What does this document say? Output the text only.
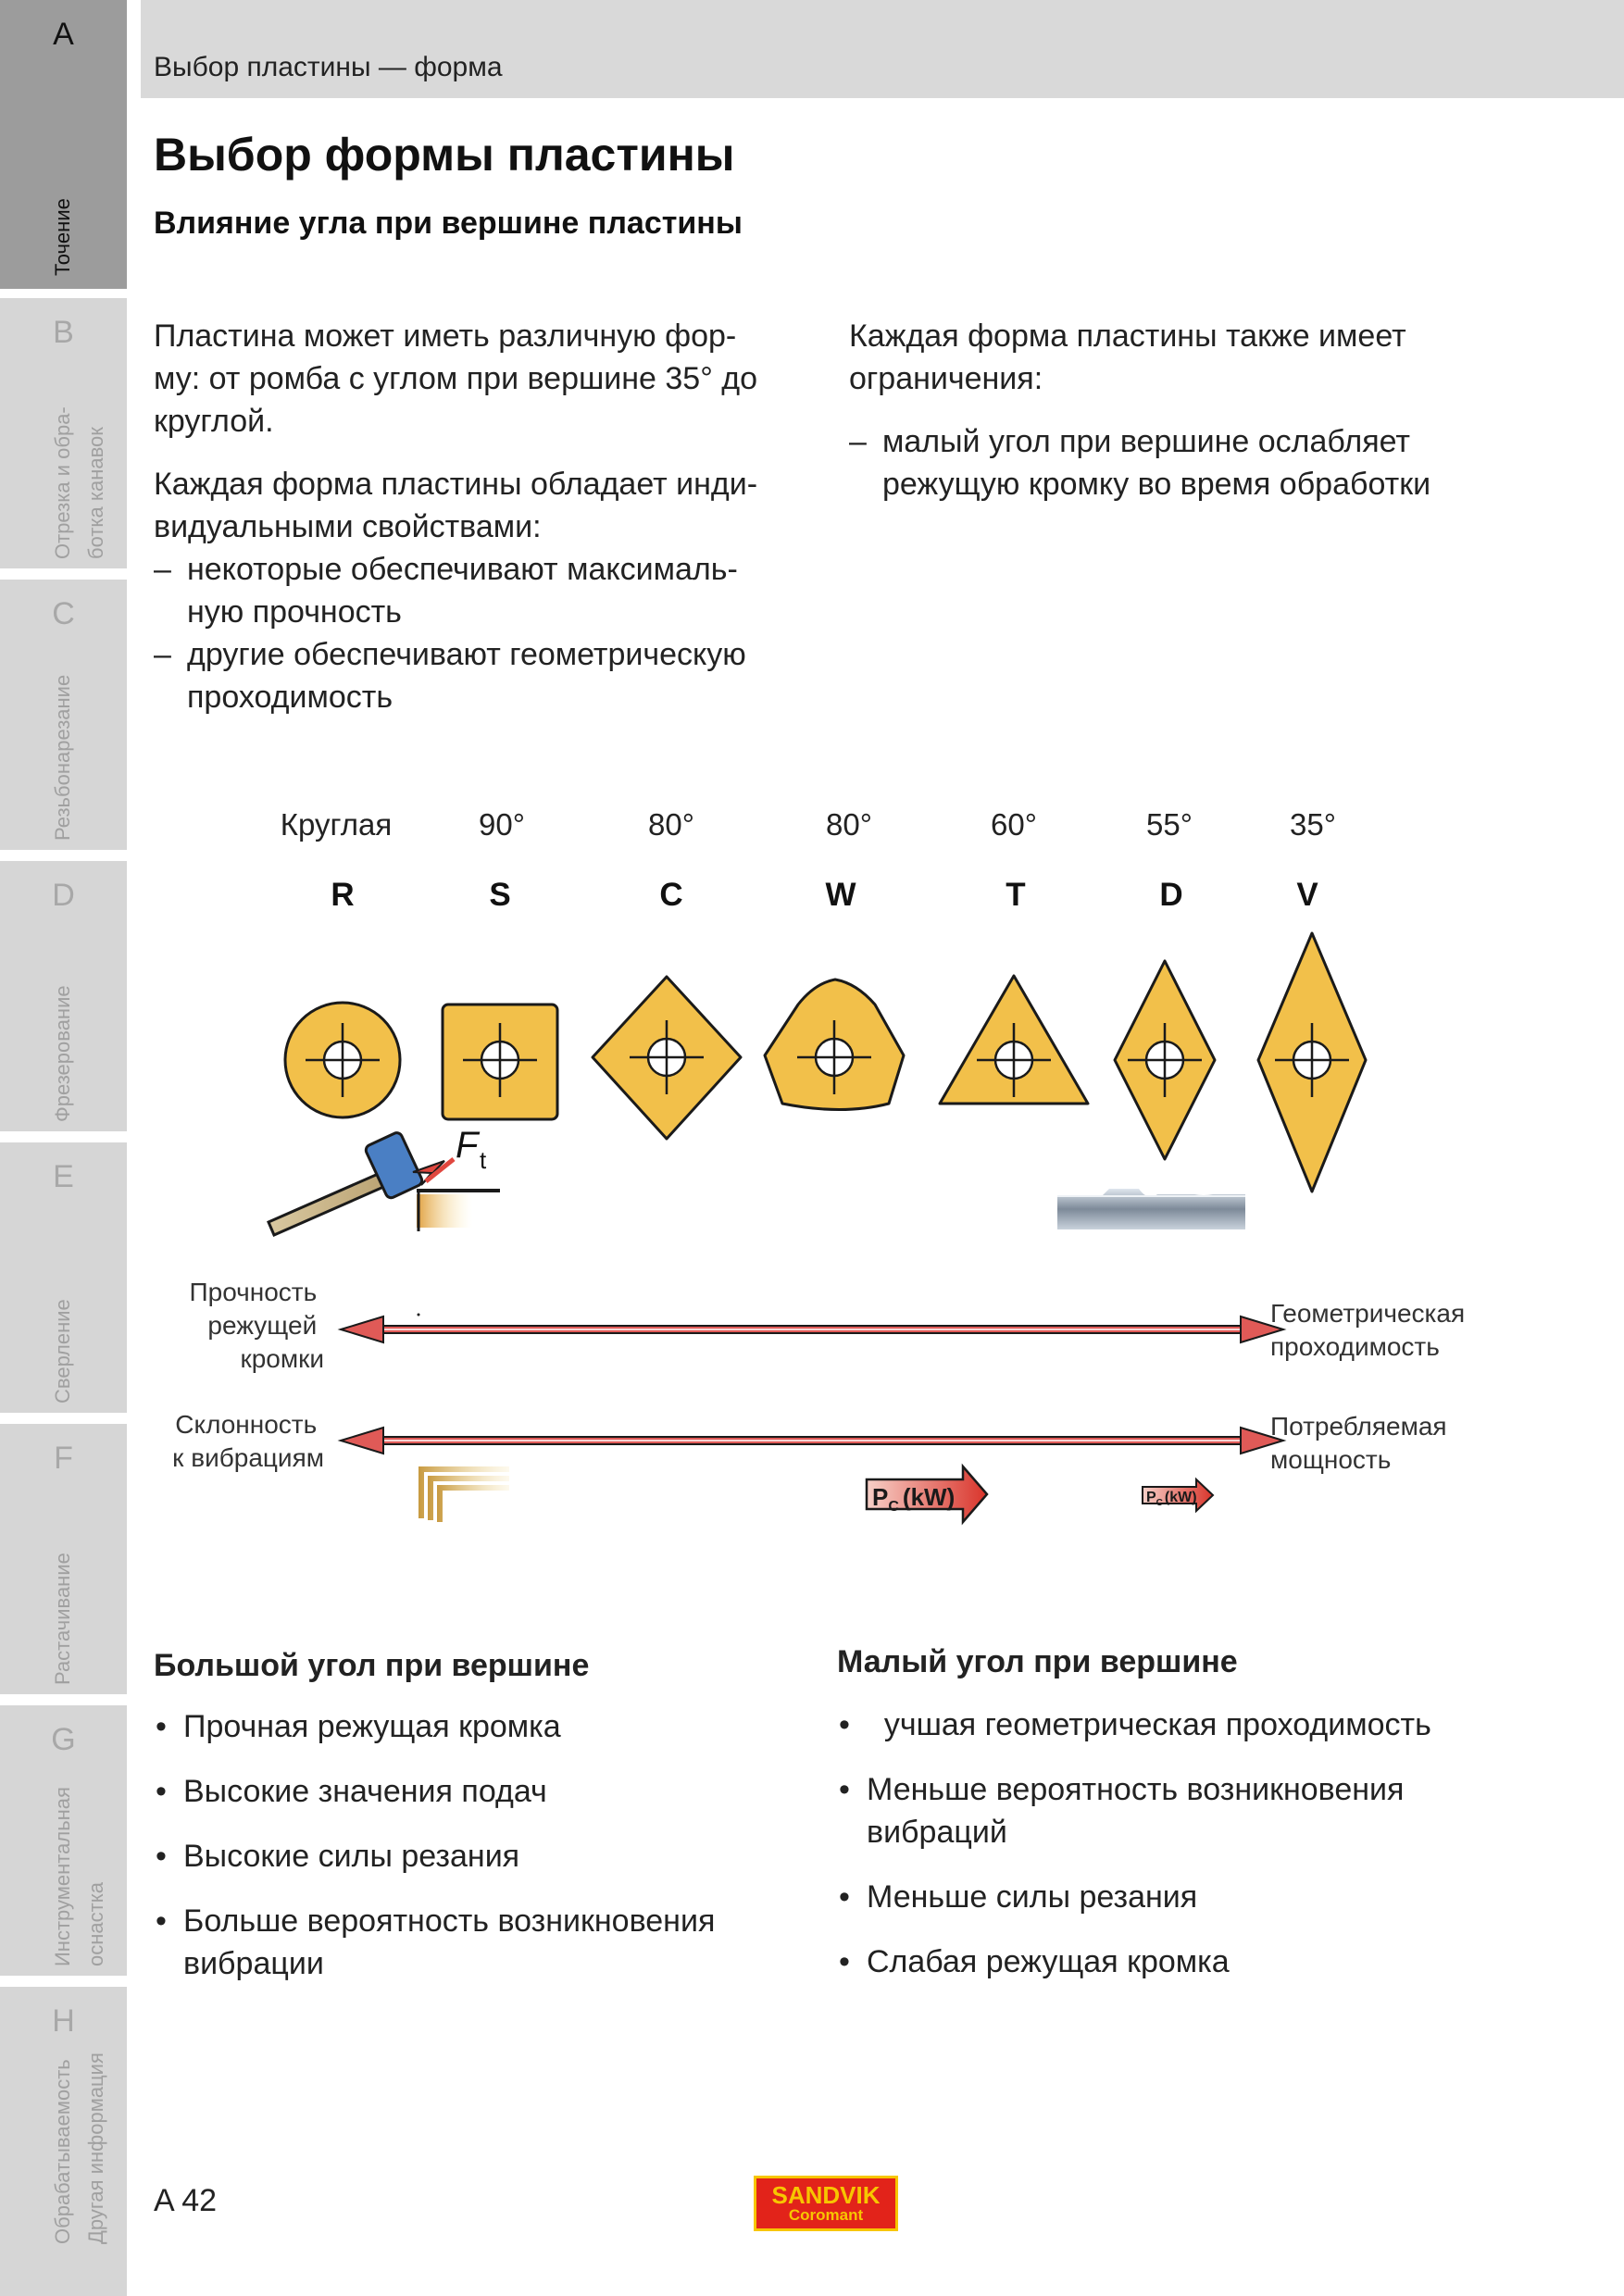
A
Точение
B
Отрезка и обра- ботка канавок
C
Резьбонарезание
D
Фрезерование
E
Сверление
F
Растачивание
G
Инструментальная оснастка
H
Обрабатываемость Другая информация
Выбор пластины — форма
Выбор формы пластины
Влияние угла при вершине пластины

Пластина может иметь различную фор-
му: от ромба с углом при вершине 35° до
круглой.

Каждая форма пластины обладает инди-
видуальными свойствами:

– некоторые обеспечивают максималь-
ную прочность
– другие обеспечивают геометрическую
проходимость

Каждая форма пластины также имеет
ограничения:

– малый угол при вершине ослабляет
режущую кромку во время обработки
Круглая	90°	80°	80°	60°	55°	35°
R	S	C	W	T	D	V
F t
Прочность режущей кромки
Геометрическая проходимость
Склонность к вибрациям
Потребляемая мощность
$P_C$ (kW)	$P_C$ (kW)
Большой угол при вершине
• Прочная режущая кромка
• Высокие значения подач
• Высокие силы резания
• Больше вероятность возникновения
вибрации
Малый угол при вершине
•   учшая геометрическая проходимость
• Меньше вероятность возникновения
вибраций
• Меньше силы резания
• Слабая режущая кромка
A 42	SANDVIK
Coromant
